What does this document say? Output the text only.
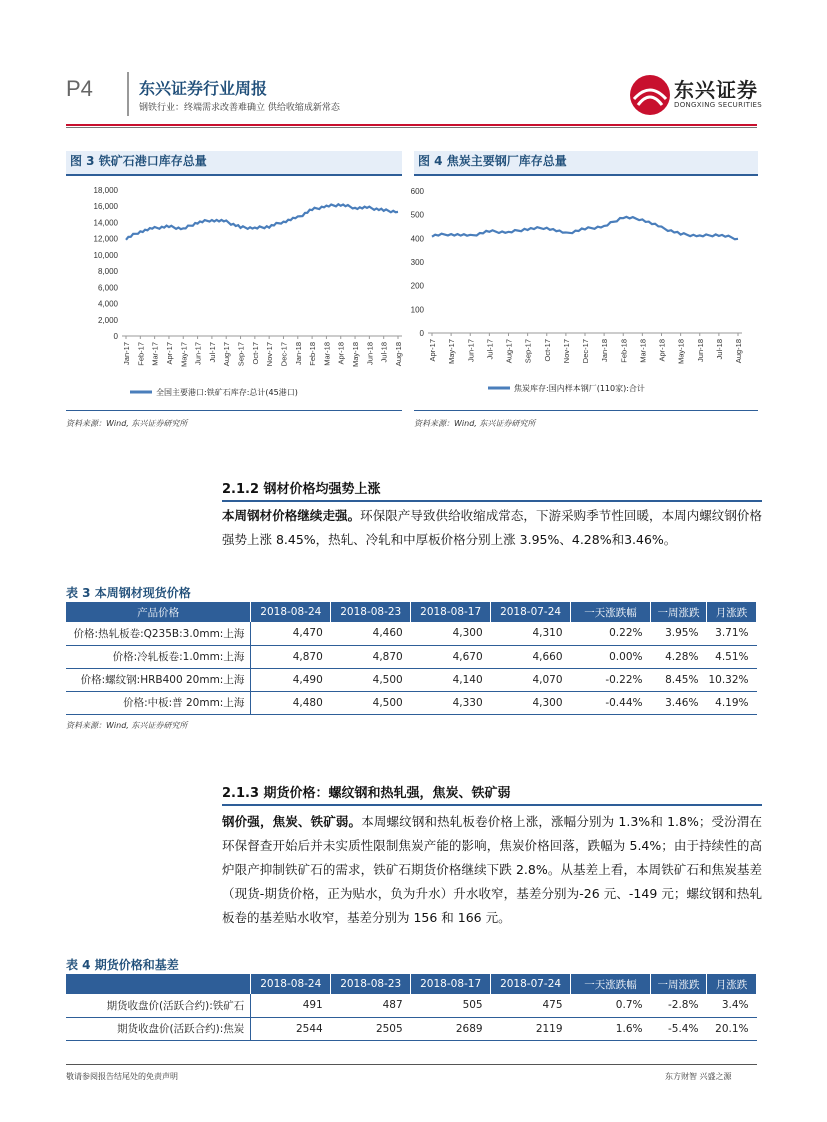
P4	东兴证券行业周报
钢铁行业：终端需求改善难确立 供给收缩成新常态
东兴证券
DONGXING SECURITIES
图 3 铁矿石港口库存总量
0
2,000
4,000
6,000
8,000
10,000
12,000
14,000
16,000
18,000
Jan-17 Feb-17 Mar-17 Apr-17 May-17 Jun-17 Jul-17 Aug-17 Sep-17 Oct-17 Nov-17 Dec-17 Jan-18 Feb-18 Mar-18 Apr-18 May-18 Jun-18 Jul-18 Aug-18
全国主要港口:铁矿石库存:总计(45港口)
资料来源：Wind, 东兴证券研究所
图 4 焦炭主要钢厂库存总量
0
100
200
300
400
500
600
Apr-17 May-17 Jun-17 Jul-17 Aug-17 Sep-17 Oct-17 Nov-17 Dec-17 Jan-18 Feb-18 Mar-18 Apr-18 May-18 Jun-18 Jul-18 Aug-18
焦炭库存:国内样本钢厂(110家):合计
资料来源：Wind, 东兴证券研究所
2.1.2 钢材价格均强势上涨
本周钢材价格继续走强。环保限产导致供给收缩成常态，下游采购季节性回暖，本周内螺纹钢价格强势上涨 8.45%，热轧、冷轧和中厚板价格分别上涨 3.95%、4.28%和3.46%。
表 3 本周钢材现货价格
产品价格	2018-08-24	2018-08-23	2018-08-17	2018-07-24	一天涨跌幅	一周涨跌	月涨跌
价格:热轧板卷:Q235B:3.0mm:上海	4,470	4,460	4,300	4,310	0.22%	3.95%	3.71%
价格:冷轧板卷:1.0mm:上海	4,870	4,870	4,670	4,660	0.00%	4.28%	4.51%
价格:螺纹钢:HRB400 20mm:上海	4,490	4,500	4,140	4,070	-0.22%	8.45%	10.32%
价格:中板:普 20mm:上海	4,480	4,500	4,330	4,300	-0.44%	3.46%	4.19%
资料来源：Wind, 东兴证券研究所
2.1.3 期货价格：螺纹钢和热轧强，焦炭、铁矿弱
钢价强，焦炭、铁矿弱。本周螺纹钢和热轧板卷价格上涨，涨幅分别为 1.3%和 1.8%；受汾渭在环保督查开始后并未实质性限制焦炭产能的影响，焦炭价格回落，跌幅为 5.4%；由于持续性的高炉限产抑制铁矿石的需求，铁矿石期货价格继续下跌 2.8%。从基差上看，本周铁矿石和焦炭基差（现货-期货价格，正为贴水，负为升水）升水收窄，基差分别为-26 元、-149 元；螺纹钢和热轧板卷的基差贴水收窄，基差分别为 156 和 166 元。
表 4 期货价格和基差
	2018-08-24	2018-08-23	2018-08-17	2018-07-24	一天涨跌幅	一周涨跌	月涨跌
期货收盘价(活跃合约):铁矿石	491	487	505	475	0.7%	-2.8%	3.4%
期货收盘价(活跃合约):焦炭	2544	2505	2689	2119	1.6%	-5.4%	20.1%
敬请参阅报告结尾处的免责声明	东方财智 兴盛之源
